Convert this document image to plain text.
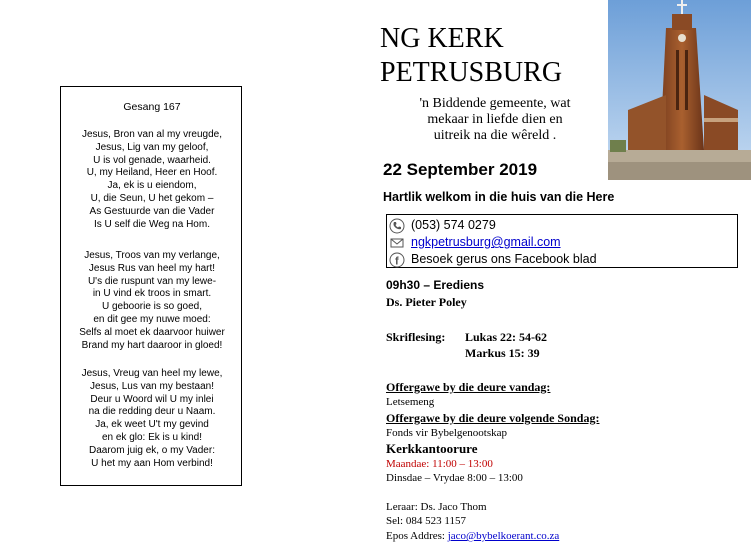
Gesang 167
Jesus, Bron van al my vreugde,
Jesus, Lig van my geloof,
U is vol genade, waarheid.
U, my Heiland, Heer en Hoof.
Ja, ek is u eiendom,
U, die Seun, U het gekom –
As Gestuurde van die Vader
Is U self die Weg na Hom.
Jesus, Troos van my verlange,
Jesus Rus van heel my hart!
U's die ruspunt van my lewe-
in U vind ek troos in smart.
U geboorie is so goed,
en dit gee my nuwe moed:
Selfs al moet ek daarvoor huiwer
Brand my hart daaroor in gloed!
Jesus, Vreug van heel my lewe,
Jesus, Lus van my bestaan!
Deur u Woord wil U my inlei
na die redding deur u Naam.
Ja, ek weet U't my gevind
en ek glo: Ek is u kind!
Daarom juig ek, o my Vader:
U het my aan Hom verbind!
NG KERK
PETRUSBURG
'n Biddende gemeente, wat
mekaar in liefde dien en
uitreik na die wêreld .
22 September 2019
Hartlik welkom in die huis van die Here
(053) 574 0279
ngkpetrusburg@gmail.com
f Besoek gerus ons Facebook blad
09h30 – Erediens
Ds. Pieter Poley
Skriflesing: Lukas 22: 54-62
Markus 15: 39
Offergawe by die deure vandag:
Letsemeng
Offergawe by die deure volgende Sondag:
Fonds vir Bybelgenootskap
Kerkkantoorure
Maandae: 11:00 – 13:00
Dinsdae – Vrydae 8:00 – 13:00
Leraar: Ds. Jaco Thom
Sel: 084 523 1157
Epos Addres: jaco@bybelkoerant.co.za
